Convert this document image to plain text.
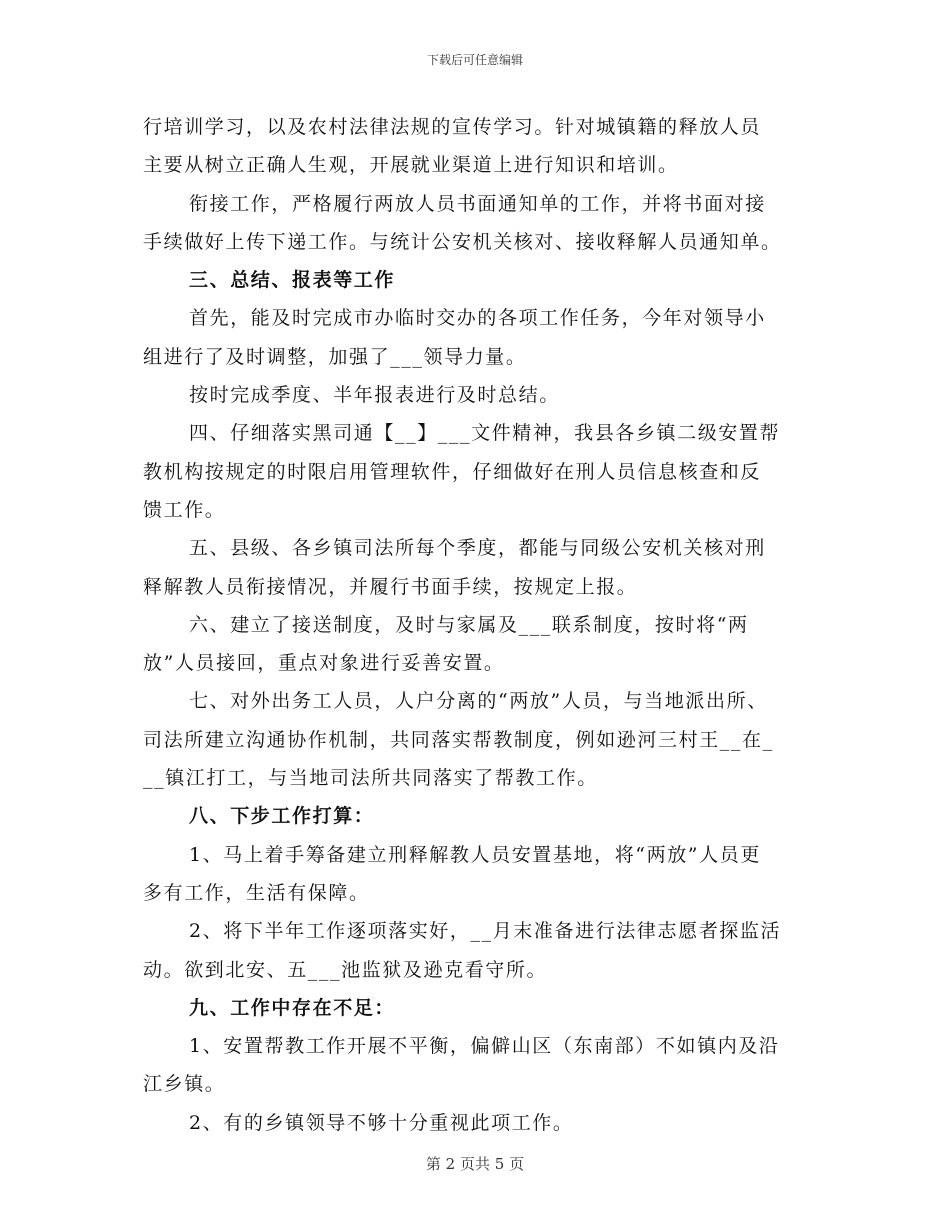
下载后可任意编辑
行培训学习，以及农村法律法规的宣传学习。针对城镇籍的释放人员
主要从树立正确人生观，开展就业渠道上进行知识和培训。
衔接工作，严格履行两放人员书面通知单的工作，并将书面对接
手续做好上传下递工作。与统计公安机关核对、接收释解人员通知单。
三、总结、报表等工作
首先，能及时完成市办临时交办的各项工作任务，今年对领导小
组进行了及时调整，加强了___领导力量。
按时完成季度、半年报表进行及时总结。
四、仔细落实黑司通【__】___文件精神，我县各乡镇二级安置帮
教机构按规定的时限启用管理软件，仔细做好在刑人员信息核查和反
馈工作。
五、县级、各乡镇司法所每个季度，都能与同级公安机关核对刑
释解教人员衔接情况，并履行书面手续，按规定上报。
六、建立了接送制度，及时与家属及___联系制度，按时将“两
放”人员接回，重点对象进行妥善安置。
七、对外出务工人员，人户分离的“两放”人员，与当地派出所、
司法所建立沟通协作机制，共同落实帮教制度，例如逊河三村王__在_
__镇江打工，与当地司法所共同落实了帮教工作。
八、下步工作打算：
1、马上着手筹备建立刑释解教人员安置基地，将“两放”人员更
多有工作，生活有保障。
2、将下半年工作逐项落实好，__月末准备进行法律志愿者探监活
动。欲到北安、五___池监狱及逊克看守所。
九、工作中存在不足：
1、安置帮教工作开展不平衡，偏僻山区（东南部）不如镇内及沿
江乡镇。
2、有的乡镇领导不够十分重视此项工作。
第 2 页共 5 页
